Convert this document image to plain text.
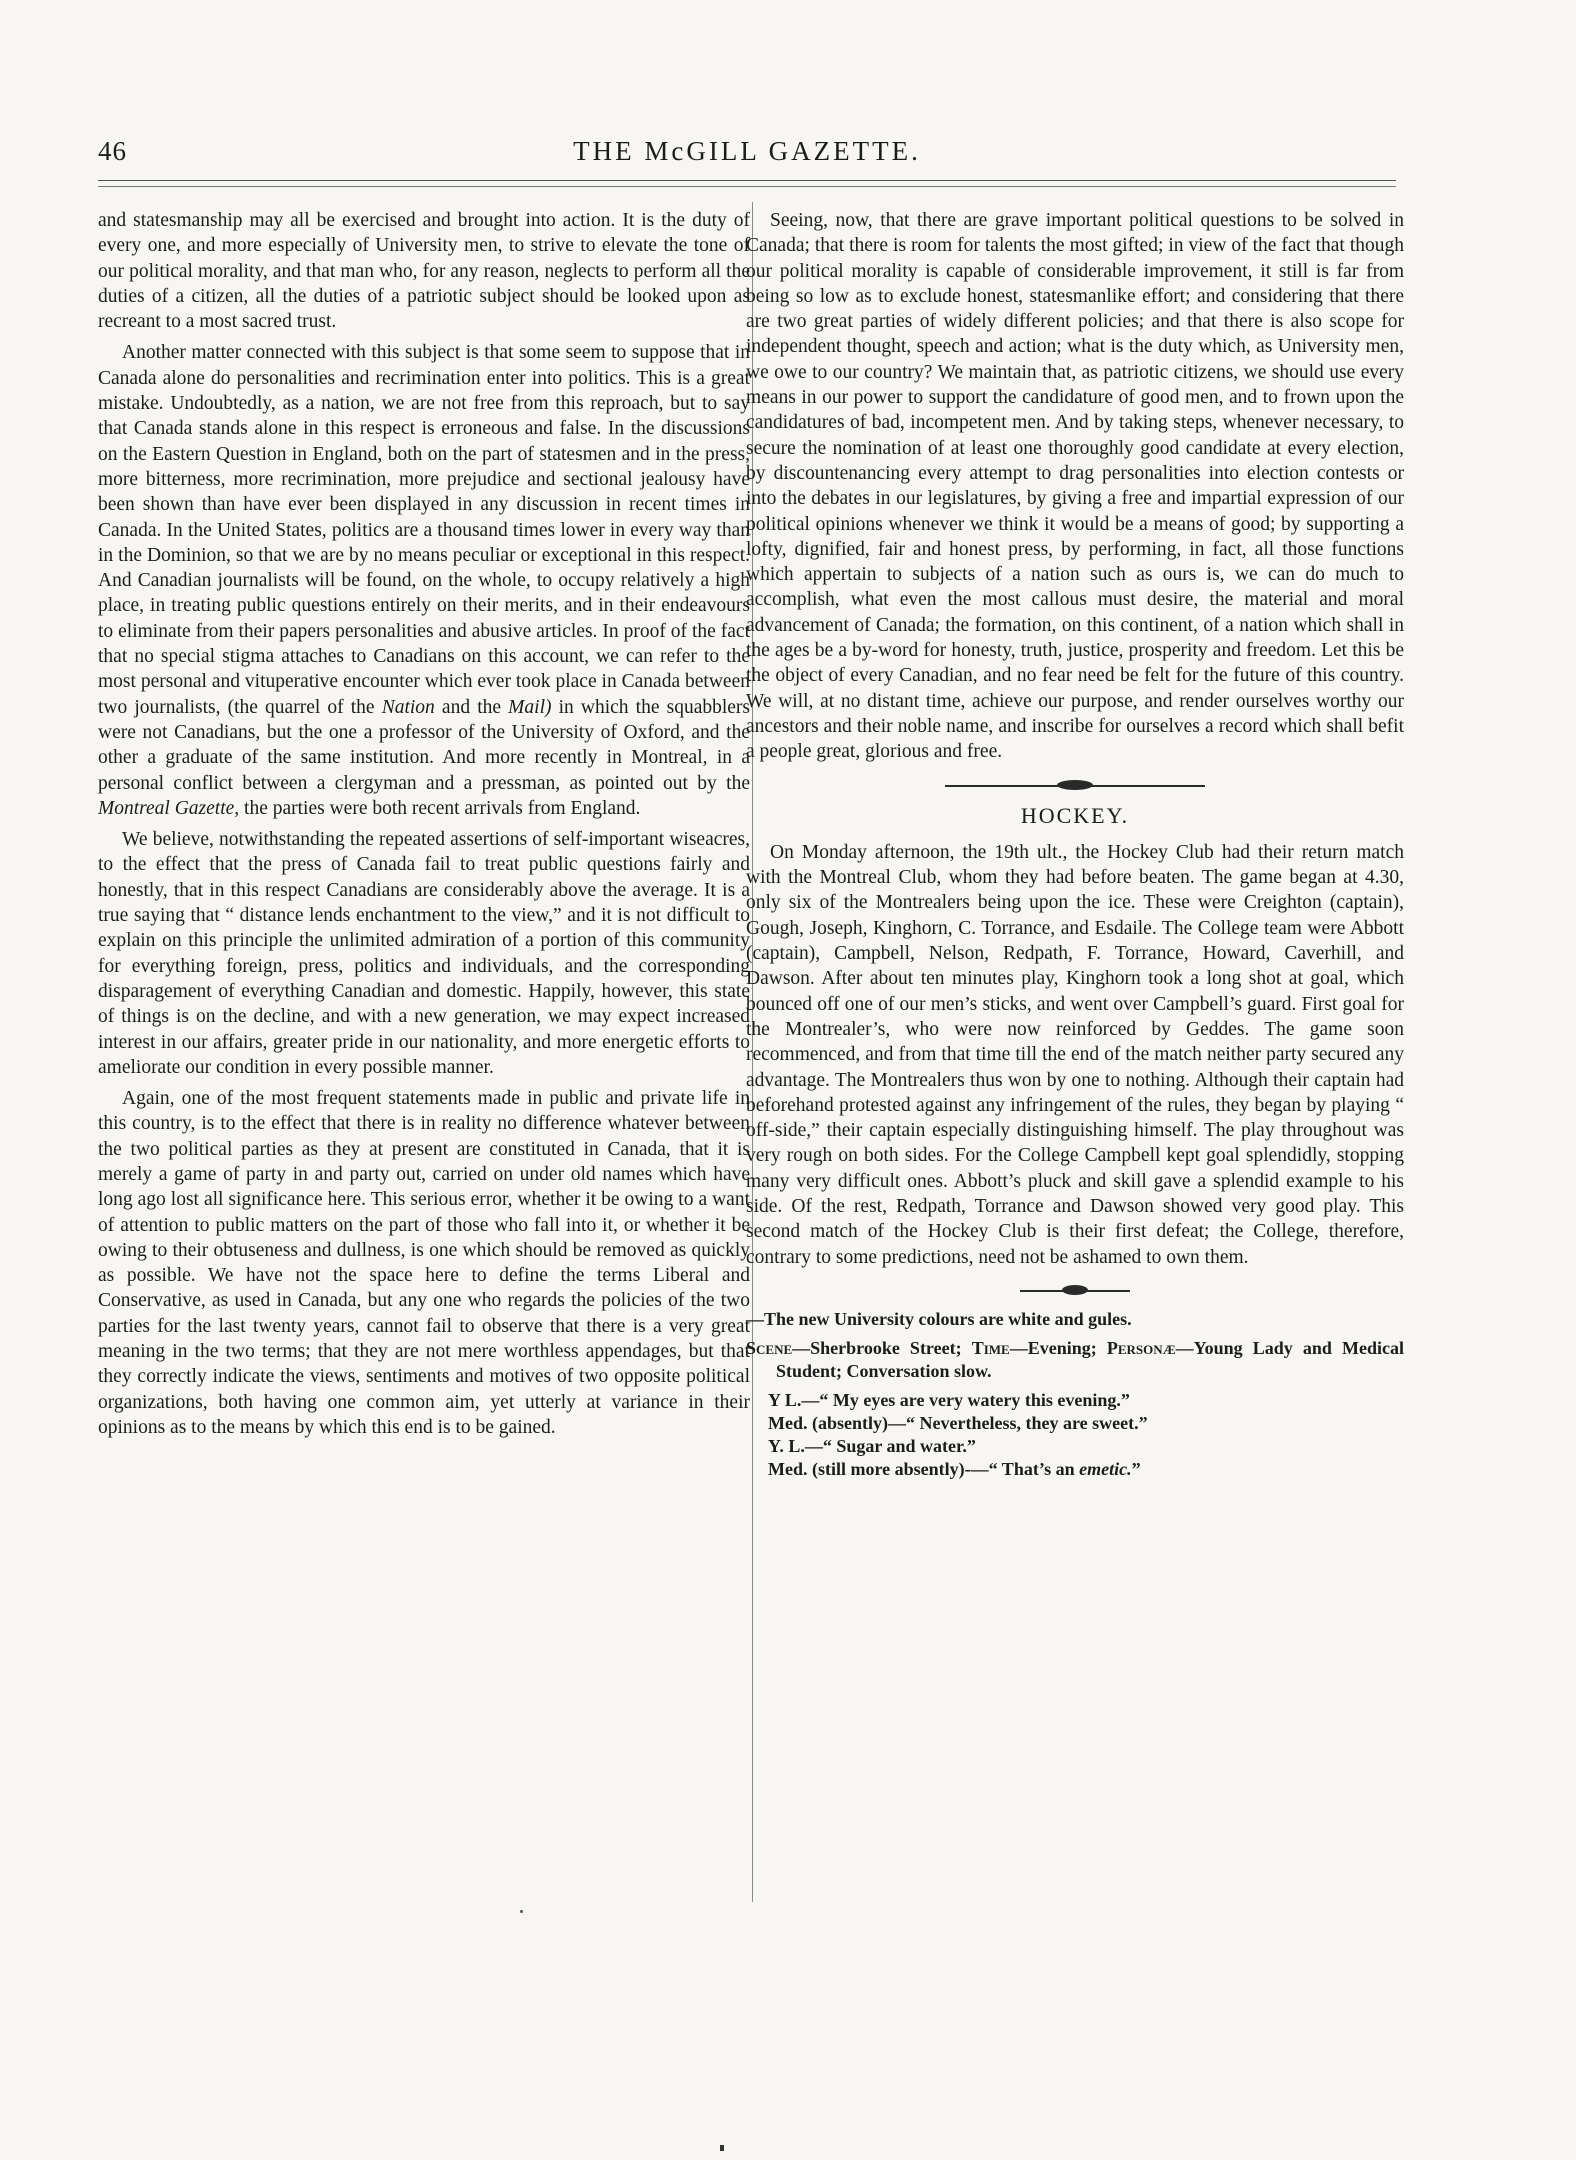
46	THE McGILL GAZETTE.

and statesmanship may all be exercised and brought into action. It is the duty of every one, and more especially of University men, to strive to elevate the tone of our political morality, and that man who, for any reason, neglects to perform all the duties of a citizen, all the duties of a patriotic subject should be looked upon as recreant to a most sacred trust.

Another matter connected with this subject is that some seem to suppose that in Canada alone do personalities and recrimination enter into politics. This is a great mistake. Undoubtedly, as a nation, we are not free from this reproach, but to say that Canada stands alone in this respect is erroneous and false. In the discussions on the Eastern Question in England, both on the part of statesmen and in the press, more bitterness, more recrimination, more prejudice and sectional jealousy have been shown than have ever been displayed in any discussion in recent times in Canada. In the United States, politics are a thousand times lower in every way than in the Dominion, so that we are by no means peculiar or exceptional in this respect. And Canadian journalists will be found, on the whole, to occupy relatively a high place, in treating public questions entirely on their merits, and in their endeavours to eliminate from their papers personalities and abusive articles. In proof of the fact that no special stigma attaches to Canadians on this account, we can refer to the most personal and vituperative encounter which ever took place in Canada between two journalists, (the quarrel of the Nation and the Mail) in which the squabblers were not Canadians, but the one a professor of the University of Oxford, and the other a graduate of the same institution. And more recently in Montreal, in a personal conflict between a clergyman and a pressman, as pointed out by the Montreal Gazette, the parties were both recent arrivals from England.

We believe, notwithstanding the repeated assertions of self-important wiseacres, to the effect that the press of Canada fail to treat public questions fairly and honestly, that in this respect Canadians are considerably above the average. It is a true saying that “ distance lends enchantment to the view,” and it is not difficult to explain on this principle the unlimited admiration of a portion of this community for everything foreign, press, politics and individuals, and the corresponding disparagement of everything Canadian and domestic. Happily, however, this state of things is on the decline, and with a new generation, we may expect increased interest in our affairs, greater pride in our nationality, and more energetic efforts to ameliorate our condition in every possible manner.

Again, one of the most frequent statements made in public and private life in this country, is to the effect that there is in reality no difference whatever between the two political parties as they at present are constituted in Canada, that it is merely a game of party in and party out, carried on under old names which have long ago lost all significance here. This serious error, whether it be owing to a want of attention to public matters on the part of those who fall into it, or whether it be owing to their obtuseness and dullness, is one which should be removed as quickly as possible. We have not the space here to define the terms Liberal and Conservative, as used in Canada, but any one who regards the policies of the two parties for the last twenty years, cannot fail to observe that there is a very great meaning in the two terms; that they are not mere worthless appendages, but that they correctly indicate the views, sentiments and motives of two opposite political organizations, both having one common aim, yet utterly at variance in their opinions as to the means by which this end is to be gained.

Seeing, now, that there are grave important political questions to be solved in Canada; that there is room for talents the most gifted; in view of the fact that though our political morality is capable of considerable improvement, it still is far from being so low as to exclude honest, statesmanlike effort; and considering that there are two great parties of widely different policies; and that there is also scope for independent thought, speech and action; what is the duty which, as University men, we owe to our country? We maintain that, as patriotic citizens, we should use every means in our power to support the candidature of good men, and to frown upon the candidatures of bad, incompetent men. And by taking steps, whenever necessary, to secure the nomination of at least one thoroughly good candidate at every election, by discountenancing every attempt to drag personalities into election contests or into the debates in our legislatures, by giving a free and impartial expression of our political opinions whenever we think it would be a means of good; by supporting a lofty, dignified, fair and honest press, by performing, in fact, all those functions which appertain to subjects of a nation such as ours is, we can do much to accomplish, what even the most callous must desire, the material and moral advancement of Canada; the formation, on this continent, of a nation which shall in the ages be a by-word for honesty, truth, justice, prosperity and freedom. Let this be the object of every Canadian, and no fear need be felt for the future of this country. We will, at no distant time, achieve our purpose, and render ourselves worthy our ancestors and their noble name, and inscribe for ourselves a record which shall befit a people great, glorious and free.

HOCKEY.

On Monday afternoon, the 19th ult., the Hockey Club had their return match with the Montreal Club, whom they had before beaten. The game began at 4.30, only six of the Montrealers being upon the ice. These were Creighton (captain), Gough, Joseph, Kinghorn, C. Torrance, and Esdaile. The College team were Abbott (captain), Campbell, Nelson, Redpath, F. Torrance, Howard, Caverhill, and Dawson. After about ten minutes play, Kinghorn took a long shot at goal, which bounced off one of our men’s sticks, and went over Campbell’s guard. First goal for the Montrealer’s, who were now reinforced by Geddes. The game soon recommenced, and from that time till the end of the match neither party secured any advantage. The Montrealers thus won by one to nothing. Although their captain had beforehand protested against any infringement of the rules, they began by playing “ off-side,” their captain especially distinguishing himself. The play throughout was very rough on both sides. For the College Campbell kept goal splendidly, stopping many very difficult ones. Abbott’s pluck and skill gave a splendid example to his side. Of the rest, Redpath, Torrance and Dawson showed very good play. This second match of the Hockey Club is their first defeat; the College, therefore, contrary to some predictions, need not be ashamed to own them.

—The new University colours are white and gules.

Scene—Sherbrooke Street; Time—Evening; Personæ—Young Lady and Medical Student; Conversation slow.

Y L.—“ My eyes are very watery this evening.”

Med. (absently)—“ Nevertheless, they are sweet.”

Y. L.—“ Sugar and water.”

Med. (still more absently)-—“ That’s an emetic.”
